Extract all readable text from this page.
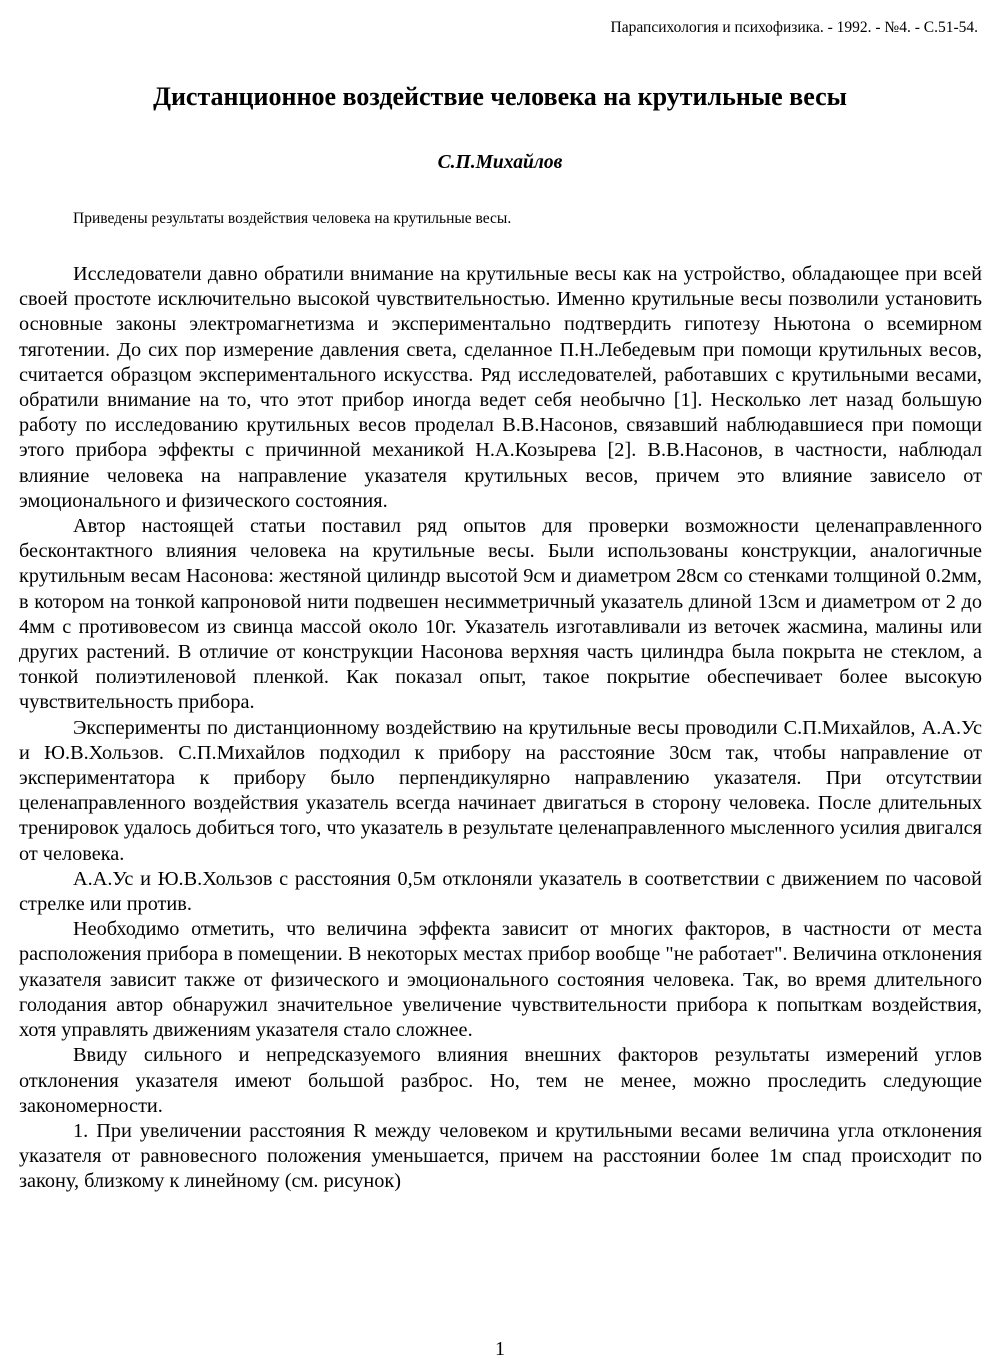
Парапсихология и психофизика. - 1992. - №4. - С.51-54.
Дистанционное воздействие человека на крутильные весы
С.П.Михайлов
Приведены результаты воздействия человека на крутильные весы.

Исследователи давно обратили внимание на крутильные весы как на устройство, обладающее при всей своей простоте исключительно высокой чувствительностью. Именно крутильные весы позволили установить основные законы электромагнетизма и экспериментально подтвердить гипотезу Ньютона о всемирном тяготении. До сих пор измерение давления света, сделанное П.Н.Лебедевым при помощи крутильных весов, считается образцом экспериментального искусства. Ряд исследователей, работавших с крутильными весами, обратили внимание на то, что этот прибор иногда ведет себя необычно [1]. Несколько лет назад большую работу по исследованию крутильных весов проделал В.В.Насонов, связавший наблюдавшиеся при помощи этого прибора эффекты с причинной механикой Н.А.Козырева [2]. В.В.Насонов, в частности, наблюдал влияние человека на направление указателя крутильных весов, причем это влияние зависело от эмоционального и физического состояния.

Автор настоящей статьи поставил ряд опытов для проверки возможности целенаправленного бесконтактного влияния человека на крутильные весы. Были использованы конструкции, аналогичные крутильным весам Насонова: жестяной цилиндр высотой 9см и диаметром 28см со стенками толщиной 0.2мм, в котором на тонкой капроновой нити подвешен несимметричный указатель длиной 13см и диаметром от 2 до 4мм с противовесом из свинца массой около 10г. Указатель изготавливали из веточек жасмина, малины или других растений. В отличие от конструкции Насонова верхняя часть цилиндра была покрыта не стеклом, а тонкой полиэтиленовой пленкой. Как показал опыт, такое покрытие обеспечивает более высокую чувствительность прибора.

Эксперименты по дистанционному воздействию на крутильные весы проводили С.П.Михайлов, А.А.Ус и Ю.В.Хользов. С.П.Михайлов подходил к прибору на расстояние 30см так, чтобы направление от экспериментатора к прибору было перпендикулярно направлению указателя. При отсутствии целенаправленного воздействия указатель всегда начинает двигаться в сторону человека. После длительных тренировок удалось добиться того, что указатель в результате целенаправленного мысленного усилия двигался от человека.

А.А.Ус и Ю.В.Хользов с расстояния 0,5м отклоняли указатель в соответствии с движением по часовой стрелке или против.

Необходимо отметить, что величина эффекта зависит от многих факторов, в частности от места расположения прибора в помещении. В некоторых местах прибор вообще "не работает". Величина отклонения указателя зависит также от физического и эмоционального состояния человека. Так, во время длительного голодания автор обнаружил значительное увеличение чувствительности прибора к попыткам воздействия, хотя управлять движениям указателя стало сложнее.

Ввиду сильного и непредсказуемого влияния внешних факторов результаты измерений углов отклонения указателя имеют большой разброс. Но, тем не менее, можно проследить следующие закономерности.

1. При увеличении расстояния R между человеком и крутильными весами величина угла отклонения указателя от равновесного положения уменьшается, причем на расстоянии более 1м спад происходит по закону, близкому к линейному (см. рисунок)

1
